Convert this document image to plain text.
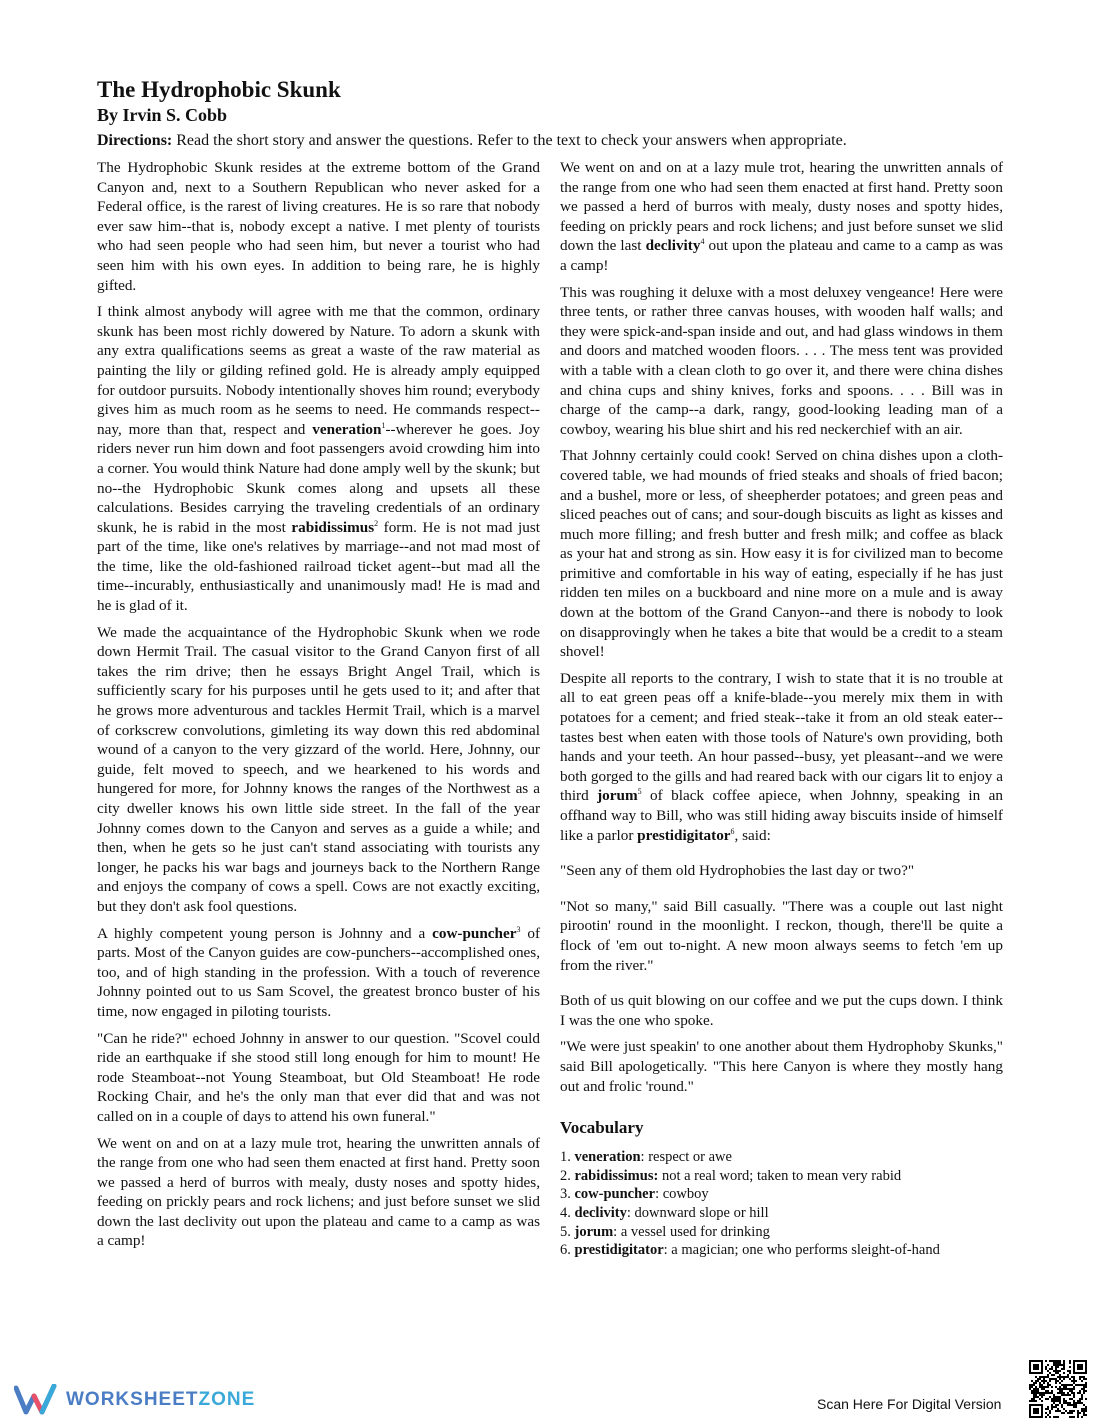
The Hydrophobic Skunk
By Irvin S. Cobb
Directions: Read the short story and answer the questions. Refer to the text to check your answers when appropriate.

The Hydrophobic Skunk resides at the extreme bottom of the Grand Canyon and, next to a Southern Republican who never asked for a Federal office, is the rarest of living creatures. He is so rare that nobody ever saw him--that is, nobody except a native. I met plenty of tourists who had seen people who had seen him, but never a tourist who had seen him with his own eyes. In addition to being rare, he is highly gifted.

I think almost anybody will agree with me that the common, ordinary skunk has been most richly dowered by Nature. To adorn a skunk with any extra qualifications seems as great a waste of the raw material as painting the lily or gilding refined gold. He is already amply equipped for outdoor pursuits. Nobody intentionally shoves him round; everybody gives him as much room as he seems to need. He commands respect--nay, more than that, respect and veneration$^1$--wherever he goes. Joy riders never run him down and foot passengers avoid crowding him into a corner. You would think Nature had done amply well by the skunk; but no--the Hydrophobic Skunk comes along and upsets all these calculations. Besides carrying the traveling credentials of an ordinary skunk, he is rabid in the most rabidissimus$^2$ form. He is not mad just part of the time, like one's relatives by marriage--and not mad most of the time, like the old-fashioned railroad ticket agent--but mad all the time--incurably, enthusiastically and unanimously mad! He is mad and he is glad of it.

We made the acquaintance of the Hydrophobic Skunk when we rode down Hermit Trail. The casual visitor to the Grand Canyon first of all takes the rim drive; then he essays Bright Angel Trail, which is sufficiently scary for his purposes until he gets used to it; and after that he grows more adventurous and tackles Hermit Trail, which is a marvel of corkscrew convolutions, gimleting its way down this red abdominal wound of a canyon to the very gizzard of the world. Here, Johnny, our guide, felt moved to speech, and we hearkened to his words and hungered for more, for Johnny knows the ranges of the Northwest as a city dweller knows his own little side street. In the fall of the year Johnny comes down to the Canyon and serves as a guide a while; and then, when he gets so he just can't stand associating with tourists any longer, he packs his war bags and journeys back to the Northern Range and enjoys the company of cows a spell. Cows are not exactly exciting, but they don't ask fool questions.

A highly competent young person is Johnny and a cow-puncher$^3$ of parts. Most of the Canyon guides are cow-punchers--accomplished ones, too, and of high standing in the profession. With a touch of reverence Johnny pointed out to us Sam Scovel, the greatest bronco buster of his time, now engaged in piloting tourists.

"Can he ride?" echoed Johnny in answer to our question. "Scovel could ride an earthquake if she stood still long enough for him to mount! He rode Steamboat--not Young Steamboat, but Old Steamboat! He rode Rocking Chair, and he's the only man that ever did that and was not called on in a couple of days to attend his own funeral."

We went on and on at a lazy mule trot, hearing the unwritten annals of the range from one who had seen them enacted at first hand. Pretty soon we passed a herd of burros with mealy, dusty noses and spotty hides, feeding on prickly pears and rock lichens; and just before sunset we slid down the last declivity out upon the plateau and came to a camp as was a camp!

We went on and on at a lazy mule trot, hearing the unwritten annals of the range from one who had seen them enacted at first hand. Pretty soon we passed a herd of burros with mealy, dusty noses and spotty hides, feeding on prickly pears and rock lichens; and just before sunset we slid down the last declivity$^4$ out upon the plateau and came to a camp as was a camp!

This was roughing it deluxe with a most deluxey vengeance! Here were three tents, or rather three canvas houses, with wooden half walls; and they were spick-and-span inside and out, and had glass windows in them and doors and matched wooden floors. . . . The mess tent was provided with a table with a clean cloth to go over it, and there were china dishes and china cups and shiny knives, forks and spoons. . . . Bill was in charge of the camp--a dark, rangy, good-looking leading man of a cowboy, wearing his blue shirt and his red neckerchief with an air.

That Johnny certainly could cook! Served on china dishes upon a cloth-covered table, we had mounds of fried steaks and shoals of fried bacon; and a bushel, more or less, of sheepherder potatoes; and green peas and sliced peaches out of cans; and sour-dough biscuits as light as kisses and much more filling; and fresh butter and fresh milk; and coffee as black as your hat and strong as sin. How easy it is for civilized man to become primitive and comfortable in his way of eating, especially if he has just ridden ten miles on a buckboard and nine more on a mule and is away down at the bottom of the Grand Canyon--and there is nobody to look on disapprovingly when he takes a bite that would be a credit to a steam shovel!

Despite all reports to the contrary, I wish to state that it is no trouble at all to eat green peas off a knife-blade--you merely mix them in with potatoes for a cement; and fried steak--take it from an old steak eater--tastes best when eaten with those tools of Nature's own providing, both hands and your teeth. An hour passed--busy, yet pleasant--and we were both gorged to the gills and had reared back with our cigars lit to enjoy a third jorum$^5$ of black coffee apiece, when Johnny, speaking in an offhand way to Bill, who was still hiding away biscuits inside of himself like a parlor prestidigitator$^6$, said:

"Seen any of them old Hydrophobies the last day or two?"

"Not so many," said Bill casually. "There was a couple out last night pirootin' round in the moonlight. I reckon, though, there'll be quite a flock of 'em out to-night. A new moon always seems to fetch 'em up from the river."

Both of us quit blowing on our coffee and we put the cups down. I think I was the one who spoke.

"We were just speakin' to one another about them Hydrophoby Skunks," said Bill apologetically. "This here Canyon is where they mostly hang out and frolic 'round."

Vocabulary
1. veneration: respect or awe
2. rabidissimus: not a real word; taken to mean very rabid
3. cow-puncher: cowboy
4. declivity: downward slope or hill
5. jorum: a vessel used for drinking
6. prestidigitator: a magician; one who performs sleight-of-hand
WORKSHEETZONE	Scan Here For Digital Version
